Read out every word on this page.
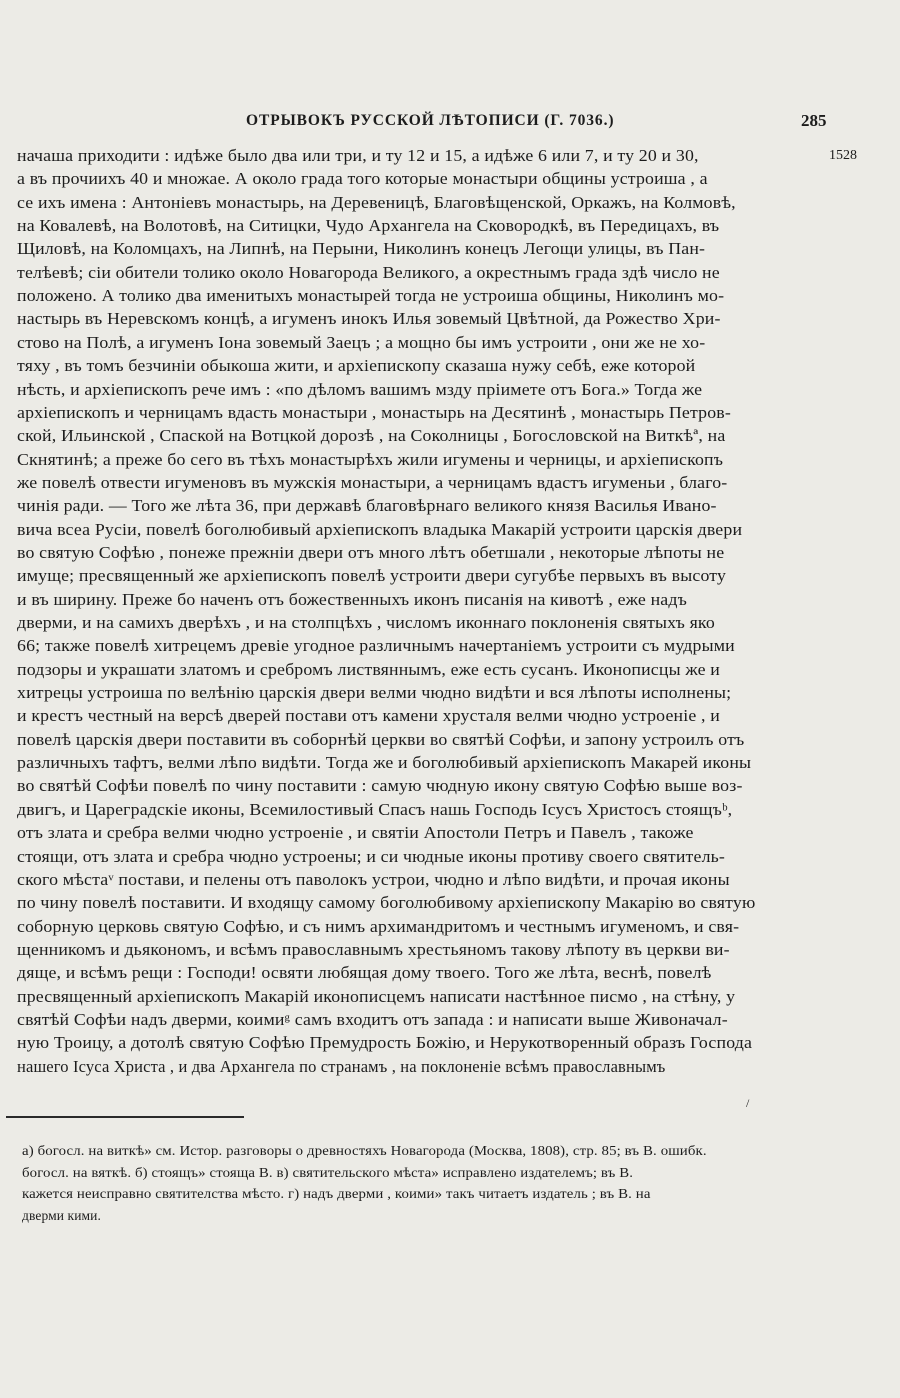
ОТРЫВОКЪ РУССКОЙ ЛѢТОПИСИ (Г. 7036.)	285
1528
начаша приходити : идѣже было два или три, и ту 12 и 15, а идѣже 6 или 7, и ту 20 и 30,
а въ прочиихъ 40 и множае. А около града того которые монастыри общины устроиша , а
се ихъ имена : Антоніевъ монастырь, на Деревеницѣ, Благовѣщенской, Оркажъ, на Колмовѣ,
на Ковалевѣ, на Волотовѣ, на Ситицки, Чудо Архангела на Сковородкѣ, въ Передицахъ, въ
Щиловѣ, на Коломцахъ, на Липнѣ, на Перыни, Николинъ конецъ Легощи улицы, въ Пан-
телѣевѣ; сіи обители толико около Новагорода Великого, а окрестнымъ града здѣ число не
положено. А толико два именитыхъ монастырей тогда не устроиша общины, Николинъ мо-
настырь въ Неревскомъ концѣ, а игуменъ инокъ Илья зовемый Цвѣтной, да Рожество Хри-
стово на Полѣ, а игуменъ Іона зовемый Заецъ ; а мощно бы имъ устроити , они же не хо-
тяху , въ томъ безчинiи обыкоша жити, и архіепископу сказаша нужу себѣ, еже которой
нѣсть, и архіепископъ рече имъ : «по дѣломъ вашимъ мзду пріимете отъ Бога.» Тогда же
архіепископъ и черницамъ вдасть монастыри , монастырь на Десятинѣ , монастырь Петров-
ской, Ильинской , Спаской на Вотцкой дорозѣ , на Соколницы , Богословской на Виткѣª, на
Скнятинѣ; а преже бо сего въ тѣхъ монастырѣхъ жили игумены и черницы, и архіепископъ
же повелѣ отвести игуменовъ въ мужскія монастыри, а черницамъ вдастъ игуменьи , благо-
чинія ради. — Того же лѣта 36, при державѣ благовѣрнаго великого князя Василья Ивано-
вича всеа Русіи, повелѣ боголюбивый архіепископъ владыка Макарій устроити царскія двери
во святую Софѣю , понеже прежніи двери отъ много лѣтъ обетшали , некоторые лѣпоты не
имуще; пресвященный же архіепископъ повелѣ устроити двери сугубѣе первыхъ въ высоту
и въ ширину. Преже бо наченъ отъ божественныхъ иконъ писанія на кивотѣ , еже надъ
дверми, и на самихъ дверѣхъ , и на столпцѣхъ , числомъ иконнаго поклоненія святыхъ яко
66; также повелѣ хитрецемъ древіе угодное различнымъ начертаніемъ устроити съ мудрыми
подзоры и украшати златомъ и сребромъ листвяннымъ, еже есть сусанъ. Иконописцы же и
хитрецы устроиша по велѣнію царскія двери велми чюдно видѣти и вся лѣпоты исполнены;
и крестъ честный на версѣ дверей постави отъ камени хрусталя велми чюдно устроеніе , и
повелѣ царскія двери поставити въ соборнѣй церкви во святѣй Софѣи, и запону устроилъ отъ
различныхъ тафтъ, велми лѣпо видѣти. Тогда же и боголюбивый архіепископъ Макарей иконы
во святѣй Софѣи повелѣ по чину поставити : самую чюдную икону святую Софѣю выше воз-
двигъ, и Цареградскіе иконы, Всемилостивый Спасъ нашь Господь Ісусъ Христосъ стоящъᵇ,
отъ злата и сребра велми чюдно устроеніе , и святіи Апостоли Петръ и Павелъ , такоже
стоящи, отъ злата и сребра чюдно устроены; и си чюдные иконы противу своего святитель-
ского мѣстаᵛ постави, и пелены отъ паволокъ устрои, чюдно и лѣпо видѣти, и прочая иконы
по чину повелѣ поставити. И входящу самому боголюбивому архіепископу Макарію во святую
соборную церковь святую Софѣю, и съ нимъ архимандритомъ и честнымъ игуменомъ, и свя-
щенникомъ и дьякономъ, и всѣмъ православнымъ хрестьяномъ такову лѣпоту въ церкви ви-
дяще, и всѣмъ рещи : Господи! освяти любящая дому твоего. Того же лѣта, веснѣ, повелѣ
пресвященный архіепископъ Макарій иконописцемъ написати настѣнное писмо , на стѣну, у
святѣй Софѣи надъ дверми, коимиᵍ самъ входитъ отъ запада : и написати выше Живоначал-
ную Троицу, а дотолѣ святую Софѣю Премудрость Божію, и Нерукотворенный образъ Господа
нашего Ісуса Христа , и два Архангела по странамъ , на поклоненіе всѣмъ православнымъ
/
а) богосл. на виткѣ» см. Истор. разговоры о древностяхъ Новагорода (Москва, 1808), стр. 85; въ В. ошибк.
богосл. на вяткѣ. б) стоящъ» стояща В. в) святительского мѣста» исправлено издателемъ; въ В.
кажется неисправно святителства мѣсто. г) надъ дверми , коими» такъ читаетъ издатель ; въ В. на
дверми кими.
